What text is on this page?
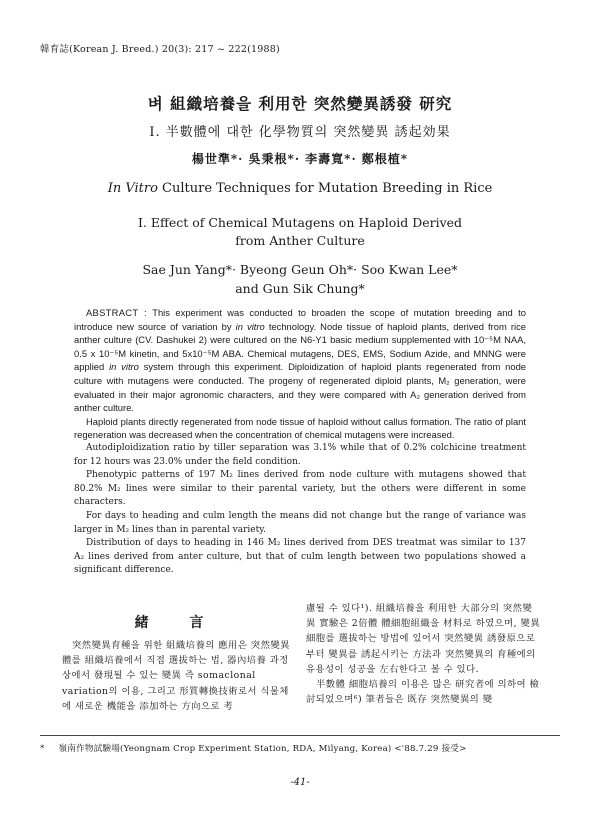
韓育誌(Korean J. Breed.) 20(3): 217 ~ 222(1988)
벼 組織培養을 利用한 突然變異誘發 研究
I. 半數體에 대한 化學物質의 突然變異 誘起効果
楊世準*· 吳秉根*· 李壽寬*· 鄭根植*
In Vitro Culture Techniques for Mutation Breeding in Rice
I. Effect of Chemical Mutagens on Haploid Derived
from Anther Culture
Sae Jun Yang*· Byeong Geun Oh*· Soo Kwan Lee*
and Gun Sik Chung*

ABSTRACT : This experiment was conducted to broaden the scope of mutation breeding and to introduce new source of variation by in vitro technology. Node tissue of haploid plants, derived from rice anther culture (CV. Dashukei 2) were cultured on the N6-Y1 basic medium supplemented with 10⁻⁵M NAA, 0.5 x 10⁻⁵M kinetin, and 5x10⁻⁵M ABA. Chemical mutagens, DES, EMS, Sodium Azide, and MNNG were applied in vitro system through this experiment. Diploidization of haploid plants regenerated from node culture with mutagens were conducted. The progeny of regenerated diploid plants, M₂ generation, were evaluated in their major agronomic characters, and they were compared with A₂ generation derived from anther culture.

Haploid plants directly regenerated from node tissue of haploid without callus formation. The ratio of plant regeneration was decreased when the concentration of chemical mutagens were increased.

Autodiploidization ratio by tiller separation was 3.1% while that of 0.2% colchicine treatment for 12 hours was 23.0% under the field condition.

Phenotypic patterns of 197 M₂ lines derived from node culture with mutagens showed that 80.2% M₂ lines were similar to their parental variety, but the others were different in some characters.

For days to heading and culm length the means did not change but the range of variance was larger in M₂ lines than in parental variety.

Distribution of days to heading in 146 M₂ lines derived from DES treatmat was similar to 137 A₂ lines derived from anter culture, but that of culm length between two populations showed a significant difference.

緒 言
突然變異育種을 위한 組織培養의 應用은 突然變異體를 組織培養에서 직접 選拔하는 법, 器內培養 과정상에서 發現될 수 있는 變異 즉 somaclonal variation의 이용, 그리고 形質轉換技術로서 식물체에 새로운 機能을 添加하는 方向으로 考

慮될 수 있다¹). 組織培養을 利用한 大部分의 突然變異 實驗은 2倍體 體細胞組織을 材料로 하였으며, 變異細胞를 選拔하는 방법에 있어서 突然變異 誘發原으로부터 變異를 誘起시키는 方法과 突然變異의 育種에의 유용성이 성공을 左右한다고 볼 수 있다.

半數體 細胞培養의 이용은 많은 研究者에 의하여 檢討되었으며⁶) 筆者들은 既存 突然變異의 變

* 嶺南作物試驗場(Yeongnam Crop Experiment Station, RDA, Milyang, Korea) <'88.7.29 接受>
-41-
